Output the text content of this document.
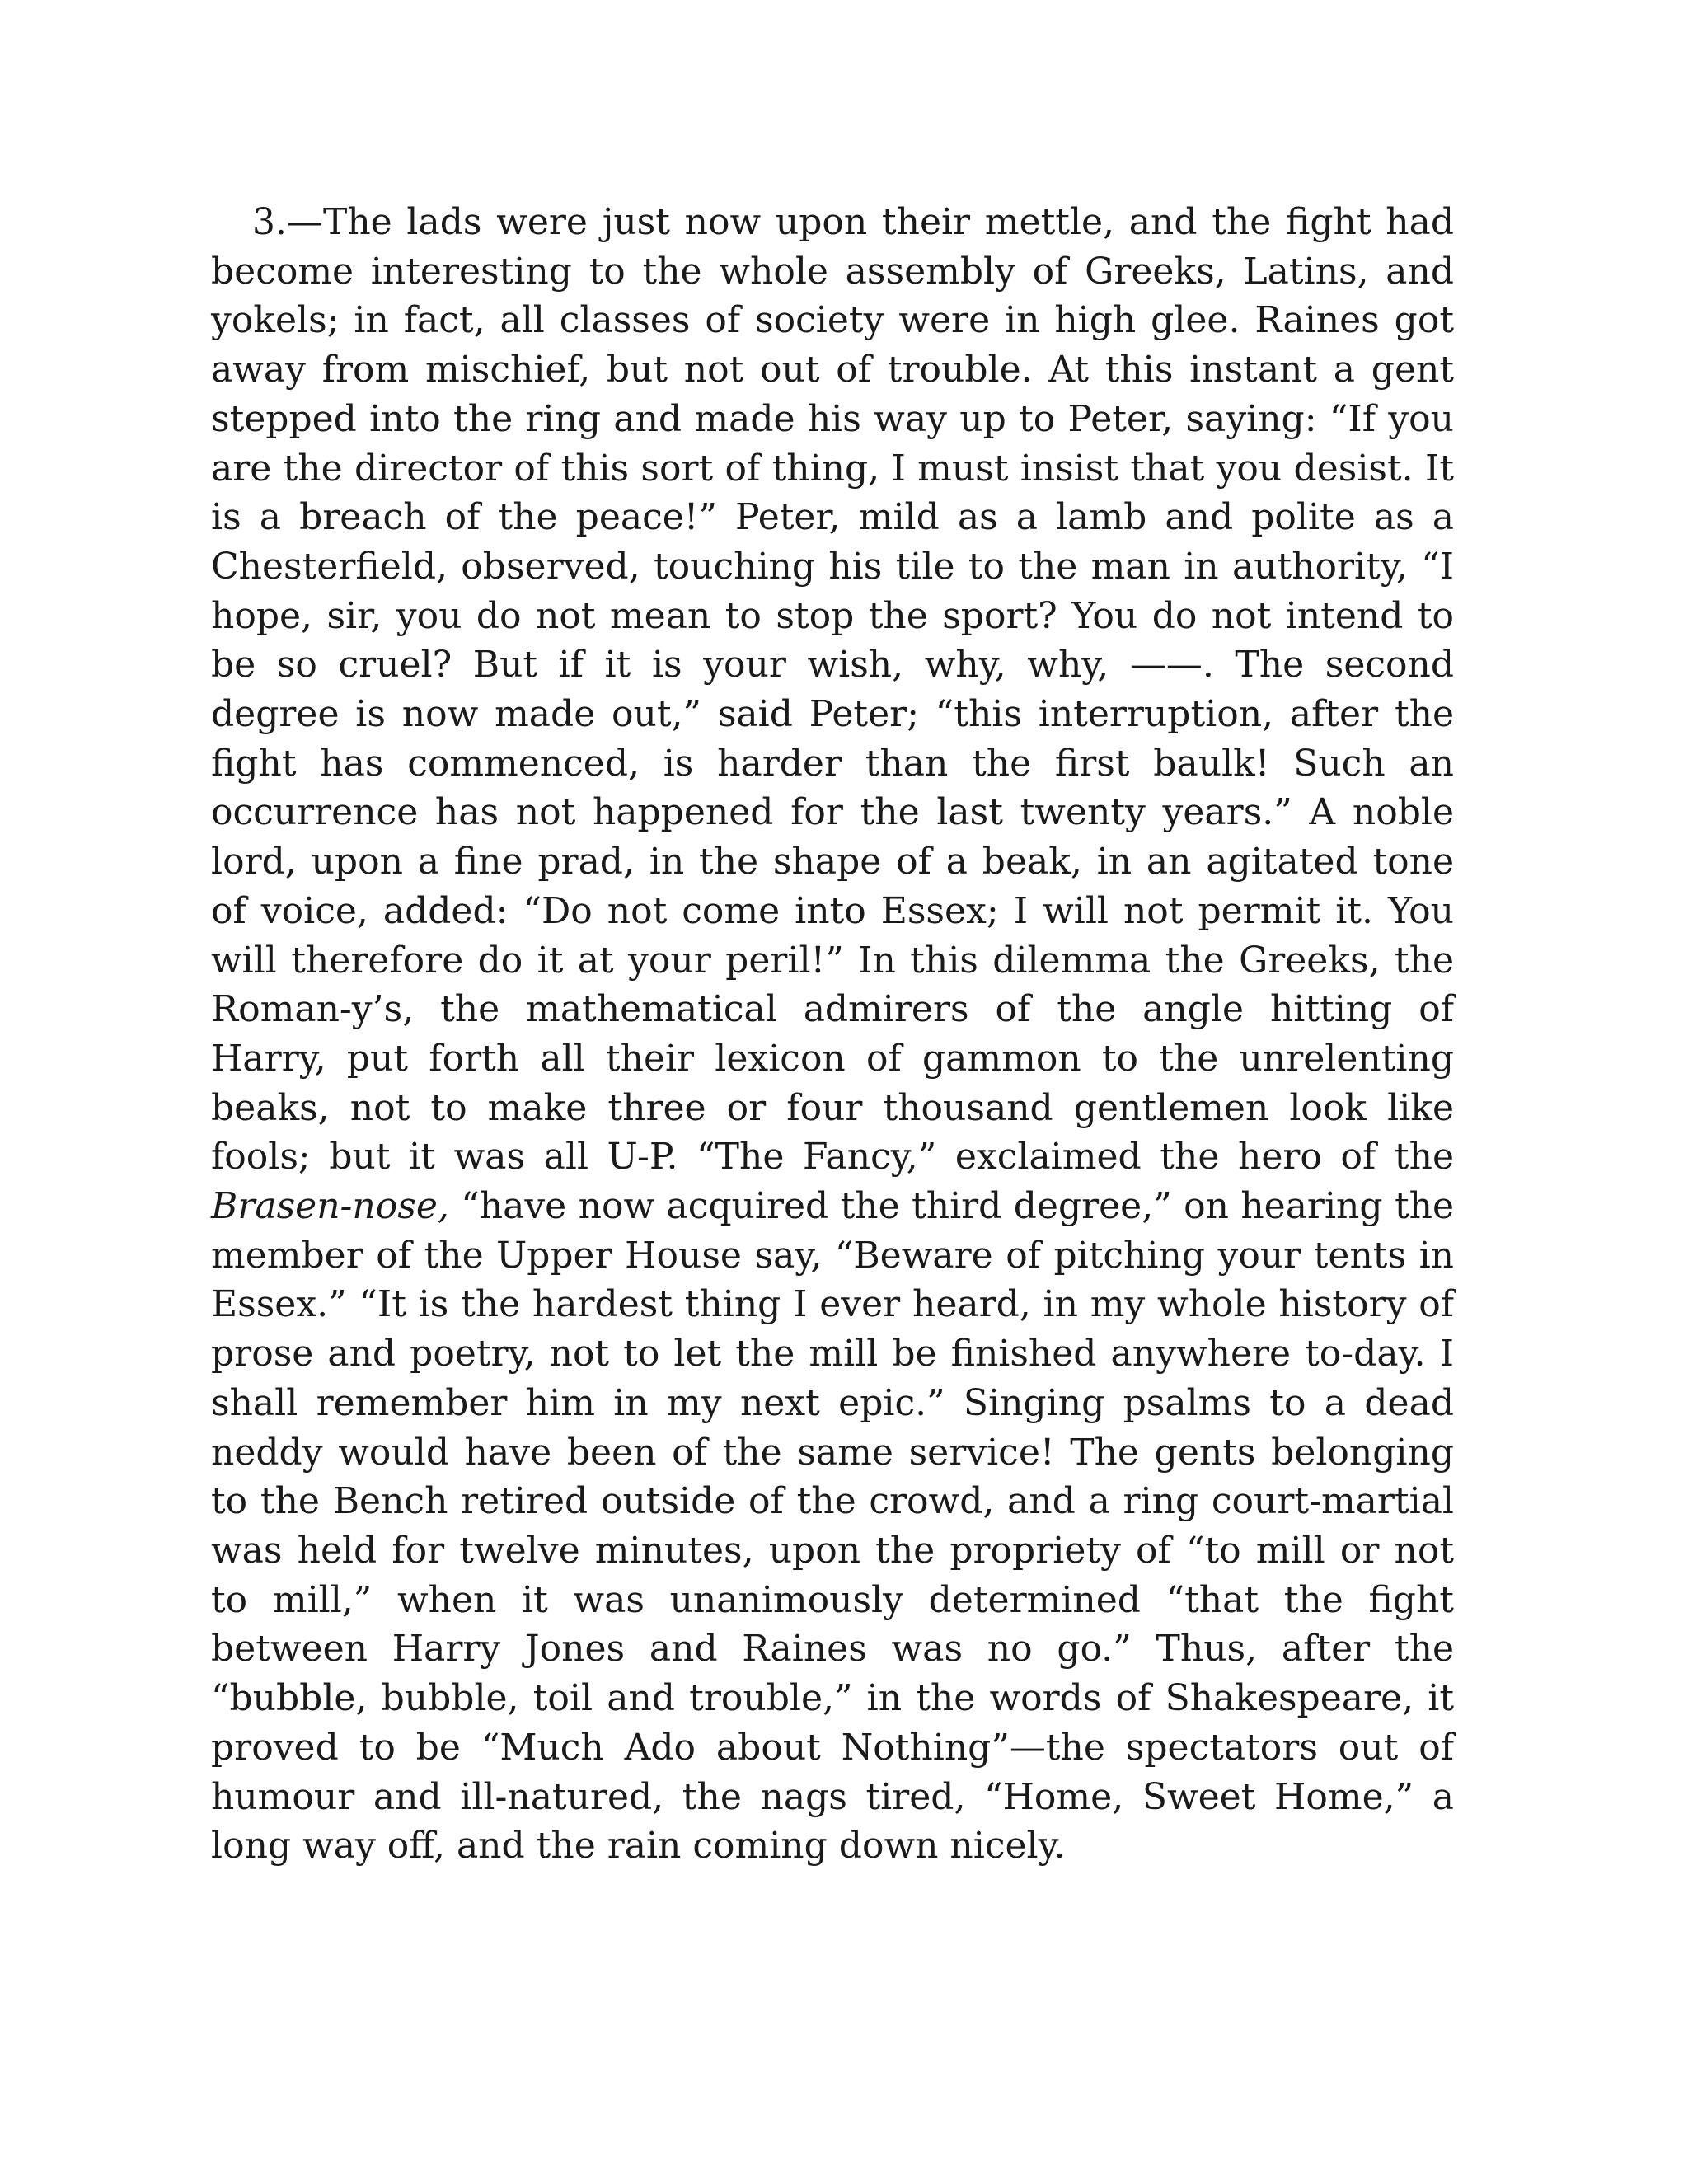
3.—The lads were just now upon their mettle, and the fight had become interesting to the whole assembly of Greeks, Latins, and yokels; in fact, all classes of society were in high glee. Raines got away from mischief, but not out of trouble. At this instant a gent stepped into the ring and made his way up to Peter, saying: “If you are the director of this sort of thing, I must insist that you desist. It is a breach of the peace!” Peter, mild as a lamb and polite as a Chesterfield, observed, touching his tile to the man in authority, “I hope, sir, you do not mean to stop the sport? You do not intend to be so cruel? But if it is your wish, why, why, ——. The second degree is now made out,” said Peter; “this interruption, after the fight has commenced, is harder than the first baulk! Such an occurrence has not happened for the last twenty years.” A noble lord, upon a fine prad, in the shape of a beak, in an agitated tone of voice, added: “Do not come into Essex; I will not permit it. You will therefore do it at your peril!” In this dilemma the Greeks, the Roman-y’s, the mathematical admirers of the angle hitting of Harry, put forth all their lexicon of gammon to the unrelenting beaks, not to make three or four thousand gentlemen look like fools; but it was all U-P. “The Fancy,” exclaimed the hero of the Brasen-nose, “have now acquired the third degree,” on hearing the member of the Upper House say, “Beware of pitching your tents in Essex.” “It is the hardest thing I ever heard, in my whole history of prose and poetry, not to let the mill be finished anywhere to-day. I shall remember him in my next epic.” Singing psalms to a dead neddy would have been of the same service! The gents belonging to the Bench retired outside of the crowd, and a ring court-martial was held for twelve minutes, upon the propriety of “to mill or not to mill,” when it was unanimously determined “that the fight between Harry Jones and Raines was no go.” Thus, after the “bubble, bubble, toil and trouble,” in the words of Shakespeare, it proved to be “Much Ado about Nothing”—the spectators out of humour and ill-natured, the nags tired, “Home, Sweet Home,” a long way off, and the rain coming down nicely.
